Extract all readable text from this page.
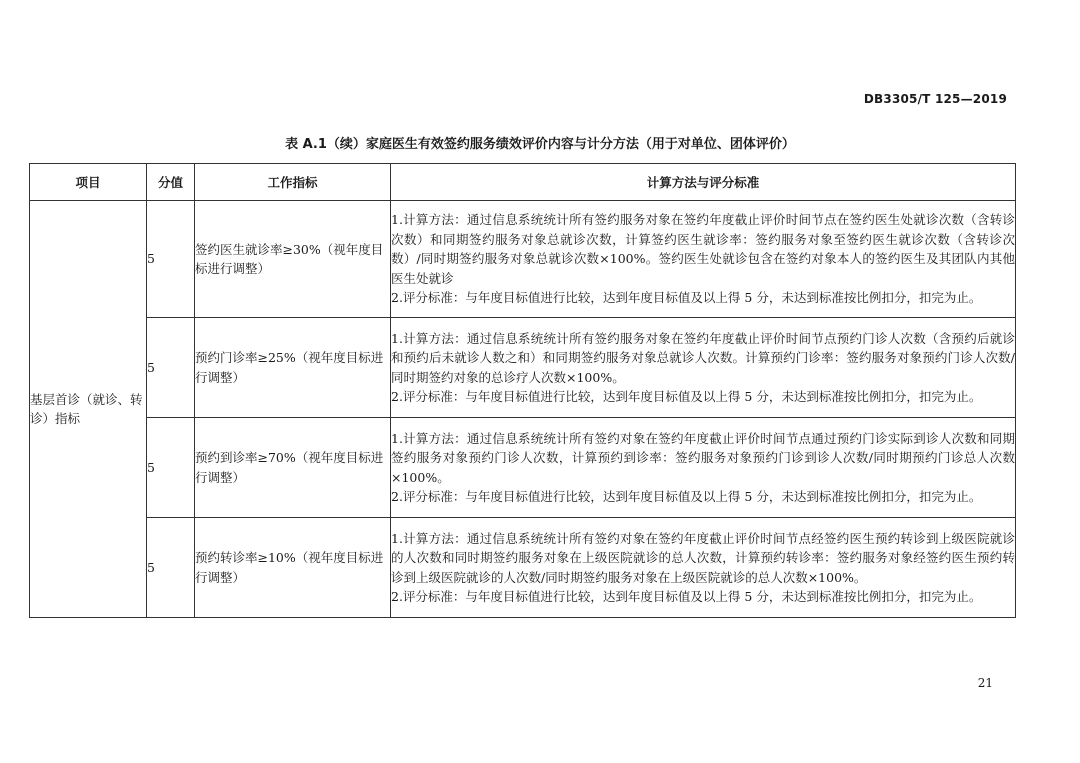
DB3305/T 125—2019
表 A.1（续）家庭医生有效签约服务绩效评价内容与计分方法（用于对单位、团体评价）
项目	分值	工作指标	计算方法与评分标准
基层首诊（就诊、转诊）指标	5	签约医生就诊率≥30%（视年度目标进行调整）	1.计算方法：通过信息系统统计所有签约服务对象在签约年度截止评价时间节点在签约医生处就诊次数（含转诊次数）和同期签约服务对象总就诊次数，计算签约医生就诊率：签约服务对象至签约医生就诊次数（含转诊次数）/同时期签约服务对象总就诊次数×100%。签约医生处就诊包含在签约对象本人的签约医生及其团队内其他医生处就诊
2.评分标准：与年度目标值进行比较，达到年度目标值及以上得 5 分，未达到标准按比例扣分，扣完为止。

	5	预约门诊率≥25%（视年度目标进行调整）	1.计算方法：通过信息系统统计所有签约服务对象在签约年度截止评价时间节点预约门诊人次数（含预约后就诊和预约后未就诊人数之和）和同期签约服务对象总就诊人次数。计算预约门诊率：签约服务对象预约门诊人次数/同时期签约对象的总诊疗人次数×100%。
2.评分标准：与年度目标值进行比较，达到年度目标值及以上得 5 分，未达到标准按比例扣分，扣完为止。

	5	预约到诊率≥70%（视年度目标进行调整）	1.计算方法：通过信息系统统计所有签约对象在签约年度截止评价时间节点通过预约门诊实际到诊人次数和同期签约服务对象预约门诊人次数，计算预约到诊率：签约服务对象预约门诊到诊人次数/同时期预约门诊总人次数×100%。
2.评分标准：与年度目标值进行比较，达到年度目标值及以上得 5 分，未达到标准按比例扣分，扣完为止。

	5	预约转诊率≥10%（视年度目标进行调整）	1.计算方法：通过信息系统统计所有签约对象在签约年度截止评价时间节点经签约医生预约转诊到上级医院就诊的人次数和同时期签约服务对象在上级医院就诊的总人次数，计算预约转诊率：签约服务对象经签约医生预约转诊到上级医院就诊的人次数/同时期签约服务对象在上级医院就诊的总人次数×100%。
2.评分标准：与年度目标值进行比较，达到年度目标值及以上得 5 分，未达到标准按比例扣分，扣完为止。
21
